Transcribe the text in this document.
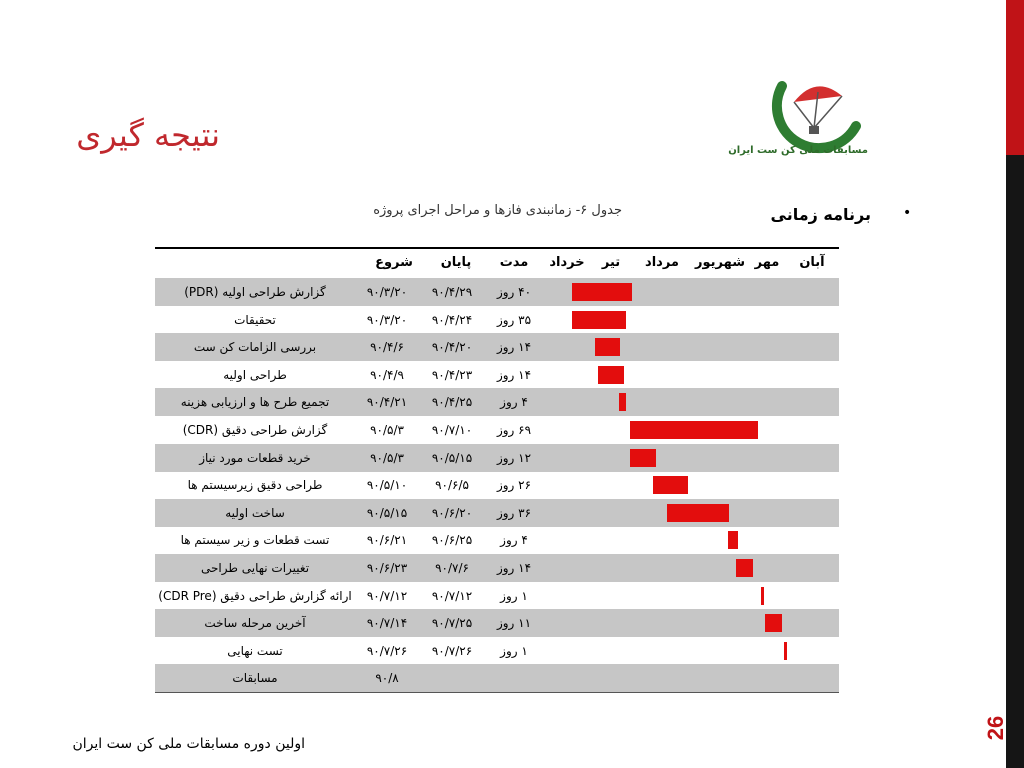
26
نتیجه گیری	مسابقات ملی کن ست ایران
•
برنامه زمانی
جدول ۶- زمانبندی فازها و مراحل اجرای پروژه
شروع	پایان	مدت	خرداد	تیر	مرداد	شهریور مهر	آبان
گزارش طراحی اولیه (PDR)	۹۰/۳/۲۰	۹۰/۴/۲۹	۴۰ روز
تحقیقات	۹۰/۳/۲۰	۹۰/۴/۲۴	۳۵ روز
بررسی الزامات کن ست	۹۰/۴/۶	۹۰/۴/۲۰	۱۴ روز
طراحی اولیه	۹۰/۴/۹	۹۰/۴/۲۳	۱۴ روز
تجمیع طرح ها و ارزیابی هزینه	۹۰/۴/۲۱	۹۰/۴/۲۵	۴ روز
گزارش طراحی دقیق (CDR)	۹۰/۵/۳	۹۰/۷/۱۰	۶۹ روز
خرید قطعات مورد نیاز	۹۰/۵/۳	۹۰/۵/۱۵	۱۲ روز
طراحی دقیق زیرسیستم ها	۹۰/۵/۱۰	۹۰/۶/۵	۲۶ روز
ساخت اولیه	۹۰/۵/۱۵	۹۰/۶/۲۰	۳۶ روز
تست قطعات و زیر سیستم ها	۹۰/۶/۲۱	۹۰/۶/۲۵	۴ روز
تغییرات نهایی طراحی	۹۰/۶/۲۳	۹۰/۷/۶	۱۴ روز
ارائه گزارش طراحی دقیق (CDR Pre)	۹۰/۷/۱۲	۹۰/۷/۱۲	۱ روز
آخرین مرحله ساخت	۹۰/۷/۱۴	۹۰/۷/۲۵	۱۱ روز
تست نهایی	۹۰/۷/۲۶	۹۰/۷/۲۶	۱ روز
مسابقات	۹۰/۸
اولین دوره مسابقات ملی کن ست ایران
